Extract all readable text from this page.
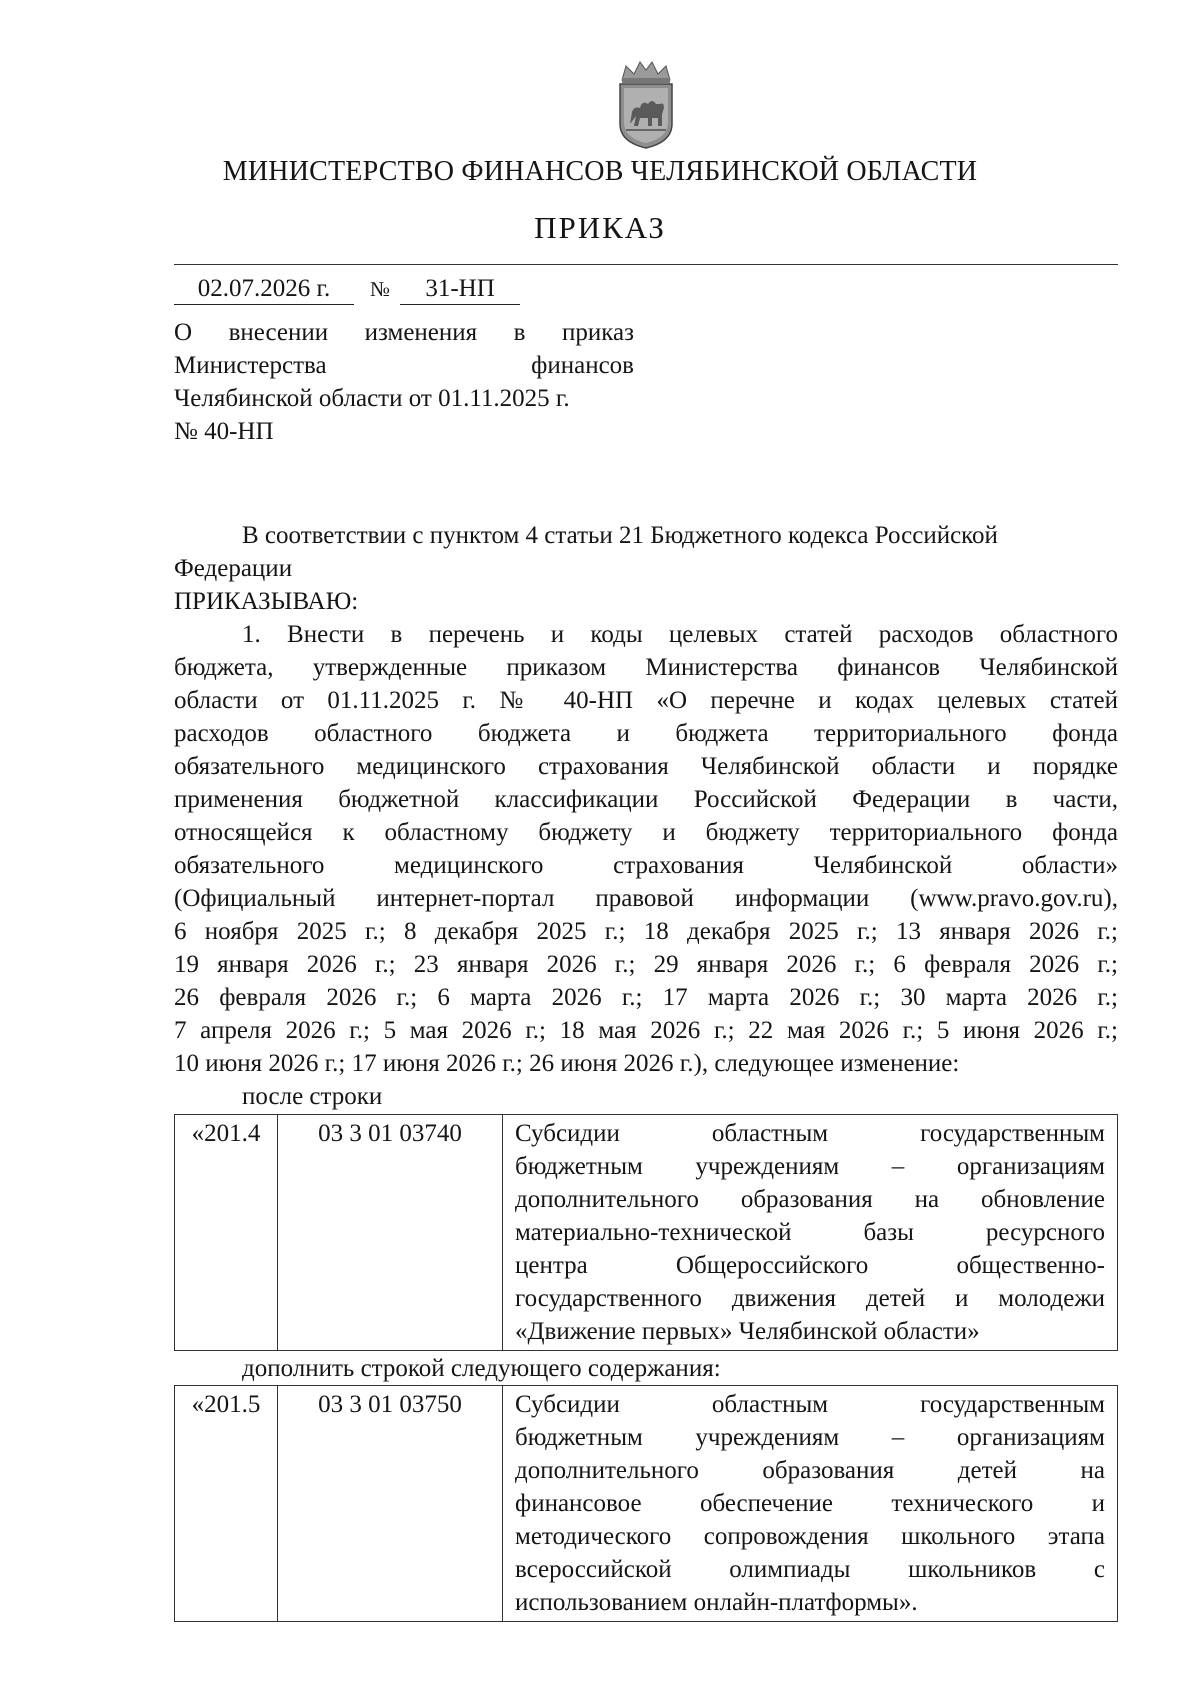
МИНИСТЕРСТВО ФИНАНСОВ ЧЕЛЯБИНСКОЙ ОБЛАСТИ
ПРИКАЗ
02.07.2026 г. № 31-НП
О внесении изменения в приказ
Министерства финансов
Челябинской области от 01.11.2025 г.
№ 40-НП
В соответствии с пунктом 4 статьи 21 Бюджетного кодекса Российской
Федерации
ПРИКАЗЫВАЮ:
1. Внести в перечень и коды целевых статей расходов областного
бюджета, утвержденные приказом Министерства финансов Челябинской
области от 01.11.2025 г. № 40-НП «О перечне и кодах целевых статей
расходов областного бюджета и бюджета территориального фонда
обязательного медицинского страхования Челябинской области и порядке
применения бюджетной классификации Российской Федерации в части,
относящейся к областному бюджету и бюджету территориального фонда
обязательного медицинского страхования Челябинской области»
(Официальный интернет-портал правовой информации (www.pravo.gov.ru),
6 ноября 2025 г.; 8 декабря 2025 г.; 18 декабря 2025 г.; 13 января 2026 г.;
19 января 2026 г.; 23 января 2026 г.; 29 января 2026 г.; 6 февраля 2026 г.;
26 февраля 2026 г.; 6 марта 2026 г.; 17 марта 2026 г.; 30 марта 2026 г.;
7 апреля 2026 г.; 5 мая 2026 г.; 18 мая 2026 г.; 22 мая 2026 г.; 5 июня 2026 г.;
10 июня 2026 г.; 17 июня 2026 г.; 26 июня 2026 г.), следующее изменение:
после строки
«201.4	03 3 01 03740	Субсидии областным государственным
бюджетным учреждениям – организациям
дополнительного образования на обновление
материально-технической базы ресурсного
центра Общероссийского общественно-
государственного движения детей и молодежи
«Движение первых» Челябинской области»
дополнить строкой следующего содержания:
«201.5	03 3 01 03750	Субсидии областным государственным
бюджетным учреждениям – организациям
дополнительного образования детей на
финансовое обеспечение технического и
методического сопровождения школьного этапа
всероссийской олимпиады школьников с
использованием онлайн-платформы».
